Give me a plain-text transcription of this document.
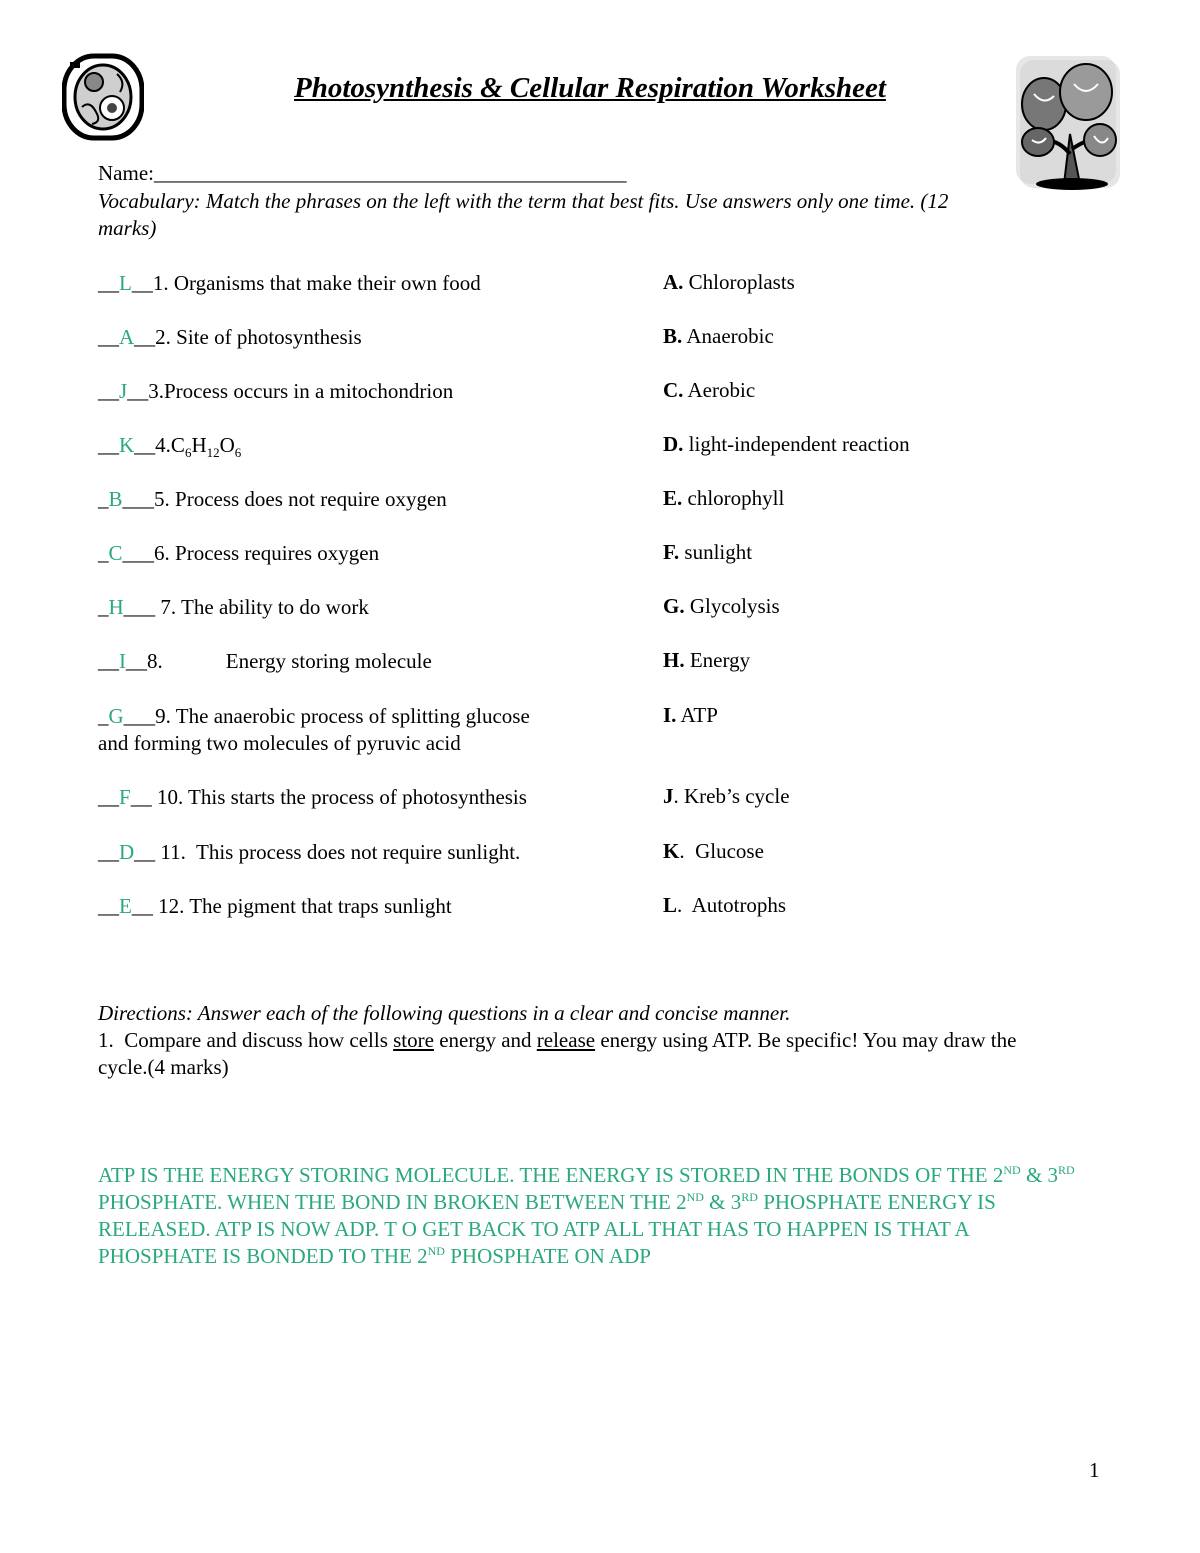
Photosynthesis & Cellular Respiration Worksheet
Name:_____________________________________________
Vocabulary: Match the phrases on the left with the term that best fits. Use answers only one time. (12 marks)
__L__1. Organisms that make their own food
__A__2. Site of photosynthesis
__J__3.Process occurs in a mitochondrion
$\_\_K\_\_4.C_6H_{12}O_6$
_B___5. Process does not require oxygen
_C___6. Process requires oxygen
_H___ 7. The ability to do work
__I__8.            Energy storing molecule
_G___9. The anaerobic process of splitting glucose
and forming two molecules of pyruvic acid
__F__ 10. This starts the process of photosynthesis
__D__ 11.  This process does not require sunlight.
__E__ 12. The pigment that traps sunlight
A. Chloroplasts
B. Anaerobic
C. Aerobic
D. light-independent reaction
E. chlorophyll
F. sunlight
G. Glycolysis
H. Energy
I. ATP
J. Kreb’s cycle
K.  Glucose
L.  Autotrophs
Directions: Answer each of the following questions in a clear and concise manner.
1.  Compare and discuss how cells store energy and release energy using ATP. Be specific! You may draw the cycle.(4 marks)
ATP IS THE ENERGY STORING MOLECULE. THE ENERGY IS STORED IN THE BONDS OF THE 2ND & 3RD PHOSPHATE. WHEN THE BOND IN BROKEN BETWEEN THE 2ND & 3RD PHOSPHATE ENERGY IS RELEASED. ATP IS NOW ADP. T O GET BACK TO ATP ALL THAT HAS TO HAPPEN IS THAT A PHOSPHATE IS BONDED TO THE 2ND PHOSPHATE ON ADP
1
